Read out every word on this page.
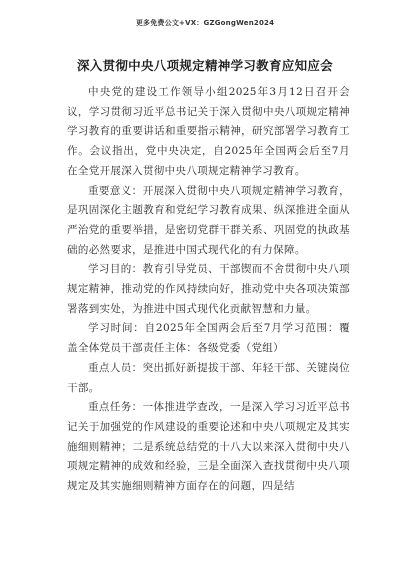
更多免费公文+VX：GZGongWen2024
深入贯彻中央八项规定精神学习教育应知应会

中央党的建设工作领导小组2025年3月12日召开会议，学习贯彻习近平总书记关于深入贯彻中央八项规定精神学习教育的重要讲话和重要指示精神，研究部署学习教育工作。会议指出，党中央决定，自2025年全国两会后至7月在全党开展深入贯彻中央八项规定精神学习教育。

重要意义：开展深入贯彻中央八项规定精神学习教育，是巩固深化主题教育和党纪学习教育成果、纵深推进全面从严治党的重要举措，是密切党群干群关系、巩固党的执政基础的必然要求，是推进中国式现代化的有力保障。

学习目的：教育引导党员、干部锲而不舍贯彻中央八项规定精神，推动党的作风持续向好，推动党中央各项决策部署落到实处，为推进中国式现代化贡献智慧和力量。

学习时间：自2025年全国两会后至7月学习范围：覆盖全体党员干部责任主体：各级党委（党组）

重点人员：突出抓好新提拔干部、年轻干部、关键岗位干部。

重点任务：一体推进学查改，一是深入学习习近平总书记关于加强党的作风建设的重要论述和中央八项规定及其实施细则精神；二是系统总结党的十八大以来深入贯彻中央八项规定精神的成效和经验，三是全面深入查找贯彻中央八项规定及其实施细则精神方面存在的问题，四是结
